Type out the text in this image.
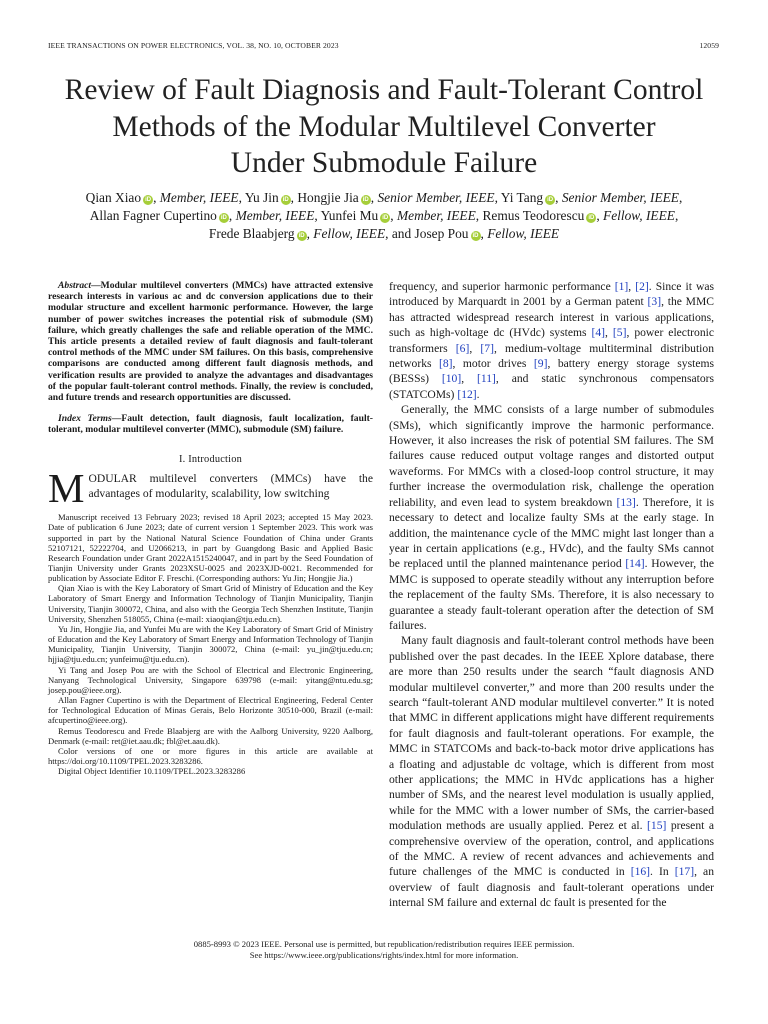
IEEE TRANSACTIONS ON POWER ELECTRONICS, VOL. 38, NO. 10, OCTOBER 2023	12059
Review of Fault Diagnosis and Fault-Tolerant Control
Methods of the Modular Multilevel Converter
Under Submodule Failure
Qian Xiao iD , Member, IEEE, Yu Jin iD , Hongjie Jia iD , Senior Member, IEEE, Yi Tang iD , Senior Member, IEEE,
Allan Fagner Cupertino iD , Member, IEEE, Yunfei Mu iD , Member, IEEE, Remus Teodorescu iD , Fellow, IEEE,
Frede Blaabjerg iD , Fellow, IEEE, and Josep Pou iD , Fellow, IEEE

Abstract—Modular multilevel converters (MMCs) have attracted extensive research interests in various ac and dc conversion applications due to their modular structure and excellent harmonic performance. However, the large number of power switches increases the potential risk of submodule (SM) failure, which greatly challenges the safe and reliable operation of the MMC. This article presents a detailed review of fault diagnosis and fault-tolerant control methods of the MMC under SM failures. On this basis, comprehensive comparisons are conducted among different fault diagnosis methods, and verification results are provided to analyze the advantages and disadvantages of the popular fault-tolerant control methods. Finally, the review is concluded, and future trends and research opportunities are discussed.

Index Terms—Fault detection, fault diagnosis, fault localization, fault-tolerant, modular multilevel converter (MMC), submodule (SM) failure.

I. Introduction

MODULAR multilevel converters (MMCs) have the advantages of modularity, scalability, low switching

Manuscript received 13 February 2023; revised 18 April 2023; accepted 15 May 2023. Date of publication 6 June 2023; date of current version 1 September 2023. This work was supported in part by the National Natural Science Foundation of China under Grants 52107121, 52222704, and U2066213, in part by Guangdong Basic and Applied Basic Research Foundation under Grant 2022A1515240047, and in part by the Seed Foundation of Tianjin University under Grants 2023XSU-0025 and 2023XJD-0021. Recommended for publication by Associate Editor F. Freschi. (Corresponding authors: Yu Jin; Hongjie Jia.)

Qian Xiao is with the Key Laboratory of Smart Grid of Ministry of Education and the Key Laboratory of Smart Energy and Information Technology of Tianjin Municipality, Tianjin University, Tianjin 300072, China, and also with the Georgia Tech Shenzhen Institute, Tianjin University, Shenzhen 518055, China (e-mail: xiaoqian@tju.edu.cn).

Yu Jin, Hongjie Jia, and Yunfei Mu are with the Key Laboratory of Smart Grid of Ministry of Education and the Key Laboratory of Smart Energy and Information Technology of Tianjin Municipality, Tianjin University, Tianjin 300072, China (e-mail: yu_jin@tju.edu.cn; hjjia@tju.edu.cn; yunfeimu@tju.edu.cn).

Yi Tang and Josep Pou are with the School of Electrical and Electronic Engineering, Nanyang Technological University, Singapore 639798 (e-mail: yitang@ntu.edu.sg; josep.pou@ieee.org).

Allan Fagner Cupertino is with the Department of Electrical Engineering, Federal Center for Technological Education of Minas Gerais, Belo Horizonte 30510-000, Brazil (e-mail: afcupertino@ieee.org).

Remus Teodorescu and Frede Blaabjerg are with the Aalborg University, 9220 Aalborg, Denmark (e-mail: ret@iet.aau.dk; fbl@et.aau.dk).

Color versions of one or more figures in this article are available at https://doi.org/10.1109/TPEL.2023.3283286.

Digital Object Identifier 10.1109/TPEL.2023.3283286

frequency, and superior harmonic performance [1], [2]. Since it was introduced by Marquardt in 2001 by a German patent [3], the MMC has attracted widespread research interest in various applications, such as high-voltage dc (HVdc) systems [4], [5], power electronic transformers [6], [7], medium-voltage multiterminal distribution networks [8], motor drives [9], battery energy storage systems (BESSs) [10], [11], and static synchronous compensators (STATCOMs) [12].

Generally, the MMC consists of a large number of submodules (SMs), which significantly improve the harmonic performance. However, it also increases the risk of potential SM failures. The SM failures cause reduced output voltage ranges and distorted output waveforms. For MMCs with a closed-loop control structure, it may further increase the overmodulation risk, challenge the operation reliability, and even lead to system breakdown [13]. Therefore, it is necessary to detect and localize faulty SMs at the early stage. In addition, the maintenance cycle of the MMC might last longer than a year in certain applications (e.g., HVdc), and the faulty SMs cannot be replaced until the planned maintenance period [14]. However, the MMC is supposed to operate steadily without any interruption before the replacement of the faulty SMs. Therefore, it is also necessary to guarantee a steady fault-tolerant operation after the detection of SM failures.

Many fault diagnosis and fault-tolerant control methods have been published over the past decades. In the IEEE Xplore database, there are more than 250 results under the search “fault diagnosis AND modular multilevel converter,” and more than 200 results under the search “fault-tolerant AND modular multilevel converter.” It is noted that MMC in different applications might have different requirements for fault diagnosis and fault-tolerant operations. For example, the MMC in STATCOMs and back-to-back motor drive applications has a floating and adjustable dc voltage, which is different from most other applications; the MMC in HVdc applications has a higher number of SMs, and the nearest level modulation is usually applied, while for the MMC with a lower number of SMs, the carrier-based modulation methods are usually applied. Perez et al. [15] present a comprehensive overview of the operation, control, and applications of the MMC. A review of recent advances and achievements and future challenges of the MMC is conducted in [16]. In [17], an overview of fault diagnosis and fault-tolerant operations under internal SM failure and external dc fault is presented for the

0885-8993 © 2023 IEEE. Personal use is permitted, but republication/redistribution requires IEEE permission.
See https://www.ieee.org/publications/rights/index.html for more information.
